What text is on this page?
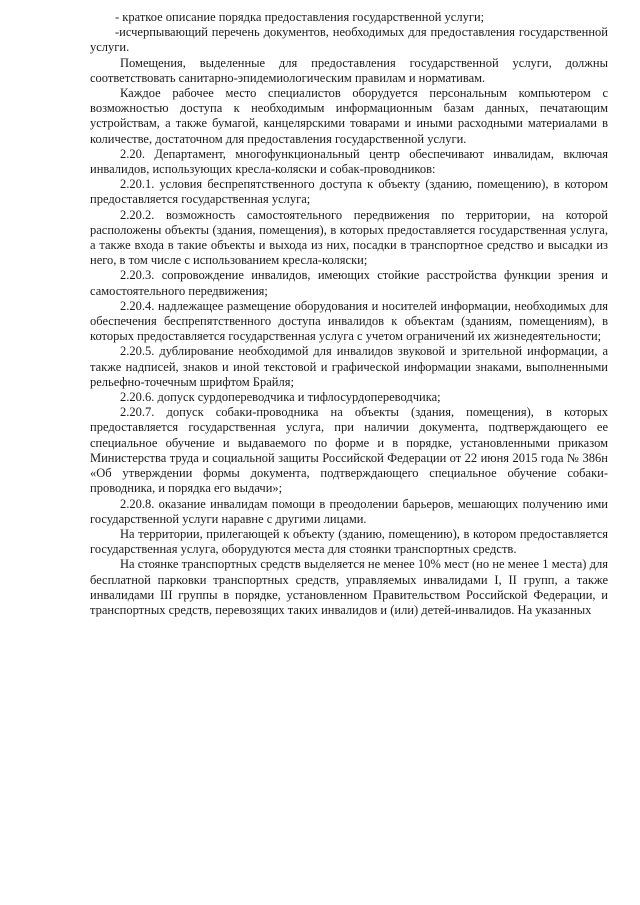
- краткое описание порядка предоставления государственной услуги;

-исчерпывающий перечень документов, необходимых для предоставления государственной услуги.

Помещения, выделенные для предоставления государственной услуги, должны соответствовать санитарно-эпидемиологическим правилам и нормативам.

Каждое рабочее место специалистов оборудуется персональным компьютером с возможностью доступа к необходимым информационным базам данных, печатающим устройствам, а также бумагой, канцелярскими товарами и иными расходными материалами в количестве, достаточном для предоставления государственной услуги.

2.20. Департамент, многофункциональный центр обеспечивают инвалидам, включая инвалидов, использующих кресла-коляски и собак-проводников:

2.20.1. условия беспрепятственного доступа к объекту (зданию, помещению), в котором предоставляется государственная услуга;

2.20.2. возможность самостоятельного передвижения по территории, на которой расположены объекты (здания, помещения), в которых предоставляется государственная услуга, а также входа в такие объекты и выхода из них, посадки в транспортное средство и высадки из него, в том числе с использованием кресла-коляски;

2.20.3. сопровождение инвалидов, имеющих стойкие расстройства функции зрения и самостоятельного передвижения;

2.20.4. надлежащее размещение оборудования и носителей информации, необходимых для обеспечения беспрепятственного доступа инвалидов к объектам (зданиям, помещениям), в которых предоставляется государственная услуга с учетом ограничений их жизнедеятельности;

2.20.5. дублирование необходимой для инвалидов звуковой и зрительной информации, а также надписей, знаков и иной текстовой и графической информации знаками, выполненными рельефно-точечным шрифтом Брайля;

2.20.6. допуск сурдопереводчика и тифлосурдопереводчика;

2.20.7. допуск собаки-проводника на объекты (здания, помещения), в которых предоставляется государственная услуга, при наличии документа, подтверждающего ее специальное обучение и выдаваемого по форме и в порядке, установленными приказом Министерства труда и социальной защиты Российской Федерации от 22 июня 2015 года № 386н «Об утверждении формы документа, подтверждающего специальное обучение собаки-проводника, и порядка его выдачи»;

2.20.8. оказание инвалидам помощи в преодолении барьеров, мешающих получению ими государственной услуги наравне с другими лицами.

На территории, прилегающей к объекту (зданию, помещению), в котором предоставляется государственная услуга, оборудуются места для стоянки транспортных средств.

На стоянке транспортных средств выделяется не менее 10% мест (но не менее 1 места) для бесплатной парковки транспортных средств, управляемых инвалидами I, II групп, а также инвалидами III группы в порядке, установленном Правительством Российской Федерации, и транспортных средств, перевозящих таких инвалидов и (или) детей-инвалидов. На указанных
